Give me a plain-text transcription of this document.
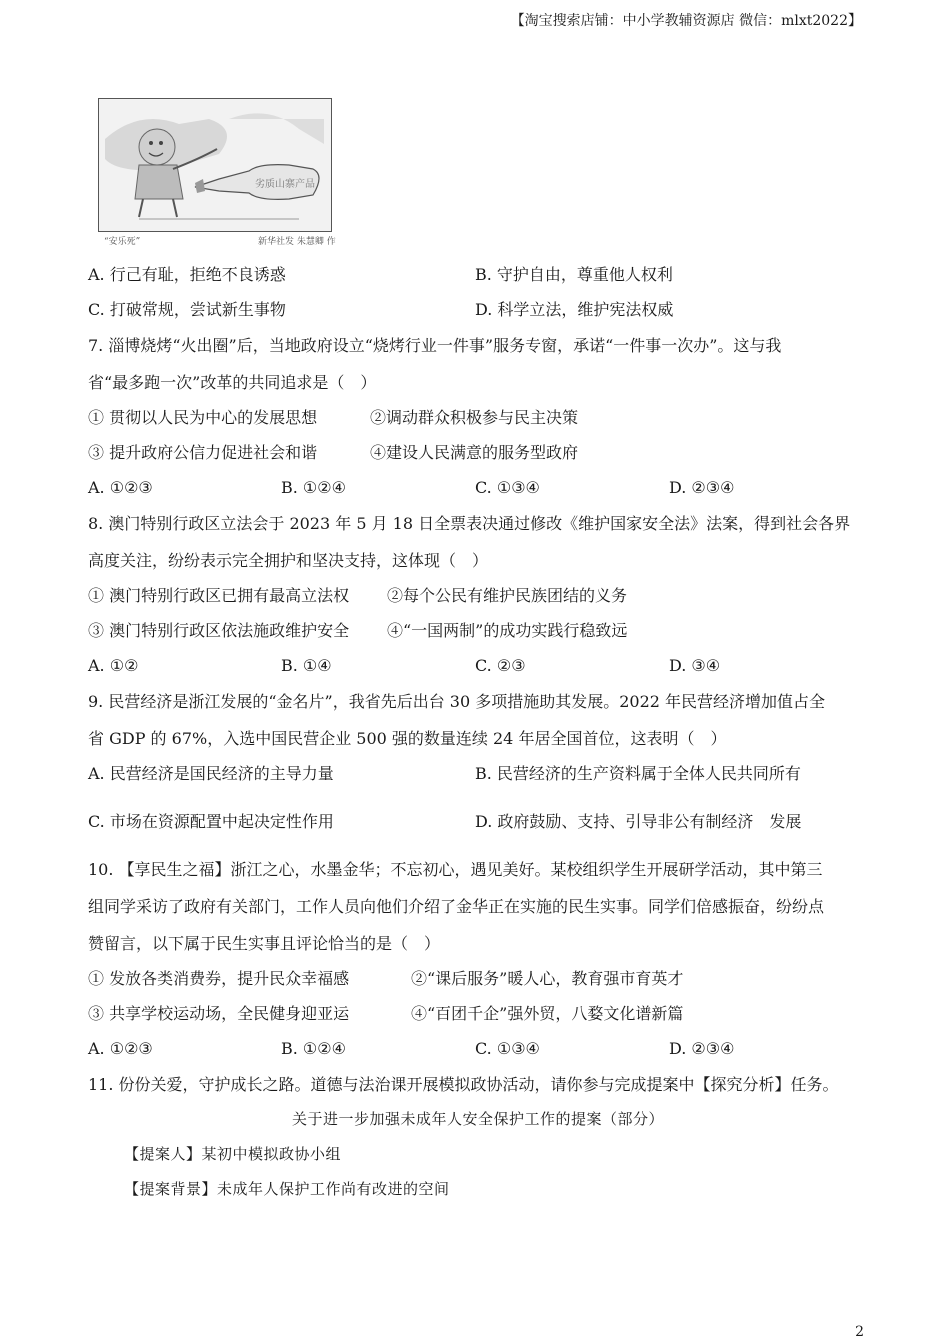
【淘宝搜索店铺：中小学教辅资源店 微信：mlxt2022】
劣质山寨产品
“安乐死”	新华社发 朱慧卿 作
A. 行己有耻，拒绝不良诱惑	B. 守护自由，尊重他人权利
C. 打破常规，尝试新生事物	D. 科学立法，维护宪法权威
7. 淄博烧烤“火出圈”后，当地政府设立“烧烤行业一件事”服务专窗，承诺“一件事一次办”。这与我
省“最多跑一次”改革的共同追求是（　）
① 贯彻以人民为中心的发展思想	②调动群众积极参与民主决策
③ 提升政府公信力促进社会和谐	④建设人民满意的服务型政府
A. ①②③	B. ①②④	C. ①③④	D. ②③④
8. 澳门特别行政区立法会于 2023 年 5 月 18 日全票表决通过修改《维护国家安全法》法案，得到社会各界
高度关注，纷纷表示完全拥护和坚决支持，这体现（　）
① 澳门特别行政区已拥有最高立法权 ②每个公民有维护民族团结的义务
③ 澳门特别行政区依法施政维护安全 ④“一国两制”的成功实践行稳致远
A. ①②	B. ①④	C. ②③	D. ③④
9. 民营经济是浙江发展的“金名片”，我省先后出台 30 多项措施助其发展。2022 年民营经济增加值占全
省 GDP 的 67%，入选中国民营企业 500 强的数量连续 24 年居全国首位，这表明（　）
A. 民营经济是国民经济的主导力量	B. 民营经济的生产资料属于全体人民共同所有
C. 市场在资源配置中起决定性作用	D. 政府鼓励、支持、引导非公有制经济　发展
10. 【享民生之福】浙江之心，水墨金华；不忘初心，遇见美好。某校组织学生开展研学活动，其中第三
组同学采访了政府有关部门，工作人员向他们介绍了金华正在实施的民生实事。同学们倍感振奋，纷纷点
赞留言，以下属于民生实事且评论恰当的是（　）
① 发放各类消费券，提升民众幸福感	②“课后服务”暖人心，教育强市育英才
③ 共享学校运动场，全民健身迎亚运	④“百团千企”强外贸，八婺文化谱新篇
A. ①②③	B. ①②④	C. ①③④	D. ②③④
11. 份份关爱，守护成长之路。道德与法治课开展模拟政协活动，请你参与完成提案中【探究分析】任务。
关于进一步加强未成年人安全保护工作的提案（部分）
【提案人】某初中模拟政协小组
【提案背景】未成年人保护工作尚有改进的空间
2
